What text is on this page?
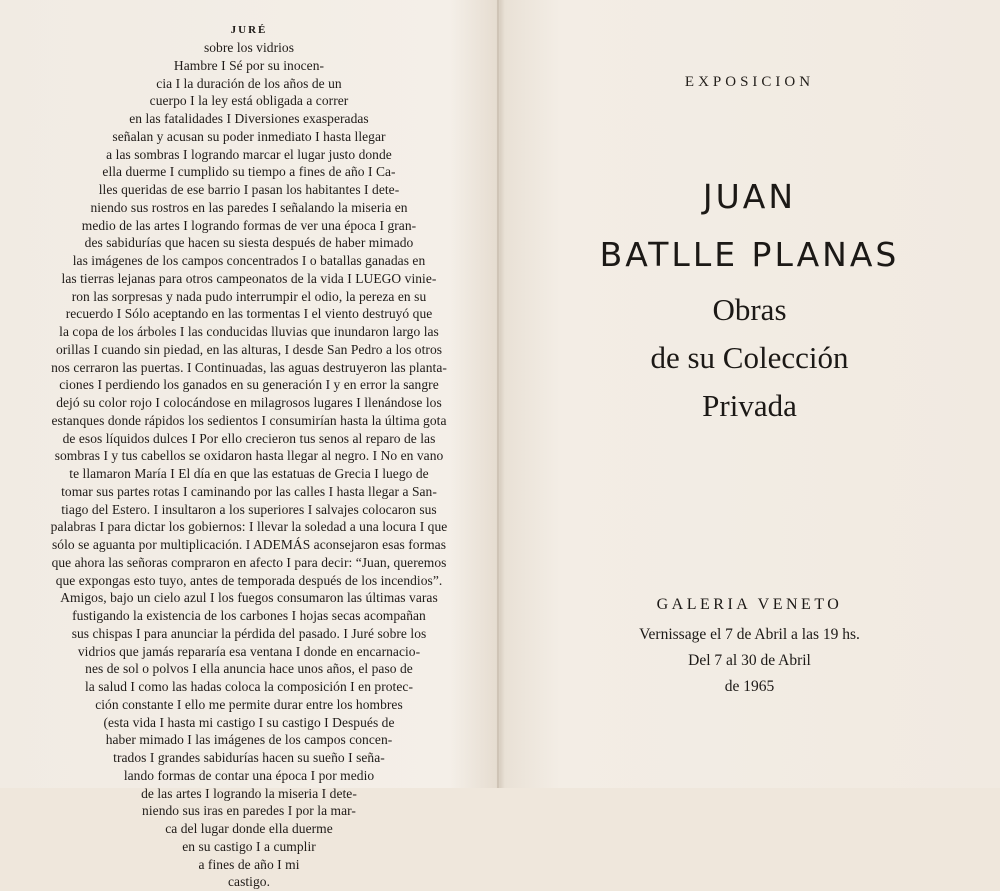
JURÉ
sobre los vidrios
Hambre I Sé por su inocen-
cia I la duración de los años de un
cuerpo I la ley está obligada a correr
en las fatalidades I Diversiones exasperadas
señalan y acusan su poder inmediato I hasta llegar
a las sombras I logrando marcar el lugar justo donde
ella duerme I cumplido su tiempo a fines de año I Ca-
lles queridas de ese barrio I pasan los habitantes I dete-
niendo sus rostros en las paredes I señalando la miseria en
medio de las artes I logrando formas de ver una época I gran-
des sabidurías que hacen su siesta después de haber mimado
las imágenes de los campos concentrados I o batallas ganadas en
las tierras lejanas para otros campeonatos de la vida I LUEGO vinie-
ron las sorpresas y nada pudo interrumpir el odio, la pereza en su
recuerdo I Sólo aceptando en las tormentas I el viento destruyó que
la copa de los árboles I las conducidas lluvias que inundaron largo las
orillas I cuando sin piedad, en las alturas, I desde San Pedro a los otros
nos cerraron las puertas. I Continuadas, las aguas destruyeron las planta-
ciones I perdiendo los ganados en su generación I y en error la sangre
dejó su color rojo I colocándose en milagrosos lugares I llenándose los
estanques donde rápidos los sedientos I consumirían hasta la última gota
de esos líquidos dulces I Por ello crecieron tus senos al reparo de las
sombras I y tus cabellos se oxidaron hasta llegar al negro. I No en vano
te llamaron María I El día en que las estatuas de Grecia I luego de
tomar sus partes rotas I caminando por las calles I hasta llegar a San-
tiago del Estero. I insultaron a los superiores I salvajes colocaron sus
palabras I para dictar los gobiernos: I llevar la soledad a una locura I que
sólo se aguanta por multiplicación. I ADEMÁS aconsejaron esas formas
que ahora las señoras compraron en afecto I para decir: “Juan, queremos
que expongas esto tuyo, antes de temporada después de los incendios”.
Amigos, bajo un cielo azul I los fuegos consumaron las últimas varas
fustigando la existencia de los carbones I hojas secas acompañan
sus chispas I para anunciar la pérdida del pasado. I Juré sobre los
vidrios que jamás repararía esa ventana I donde en encarnacio-
nes de sol o polvos I ella anuncia hace unos años, el paso de
la salud I como las hadas coloca la composición I en protec-
ción constante I ello me permite durar entre los hombres
(esta vida I hasta mi castigo I su castigo I Después de
haber mimado I las imágenes de los campos concen-
trados I grandes sabidurías hacen su sueño I seña-
lando formas de contar una época I por medio
de las artes I logrando la miseria I dete-
niendo sus iras en paredes I por la mar-
ca del lugar donde ella duerme
en su castigo I a cumplir
a fines de año I mi
castigo.
EXPOSICION
JUAN
BATLLE PLANAS
Obras
de su Colección
Privada
GALERIA VENETO
Vernissage el 7 de Abril a las 19 hs.
Del 7 al 30 de Abril
de 1965
